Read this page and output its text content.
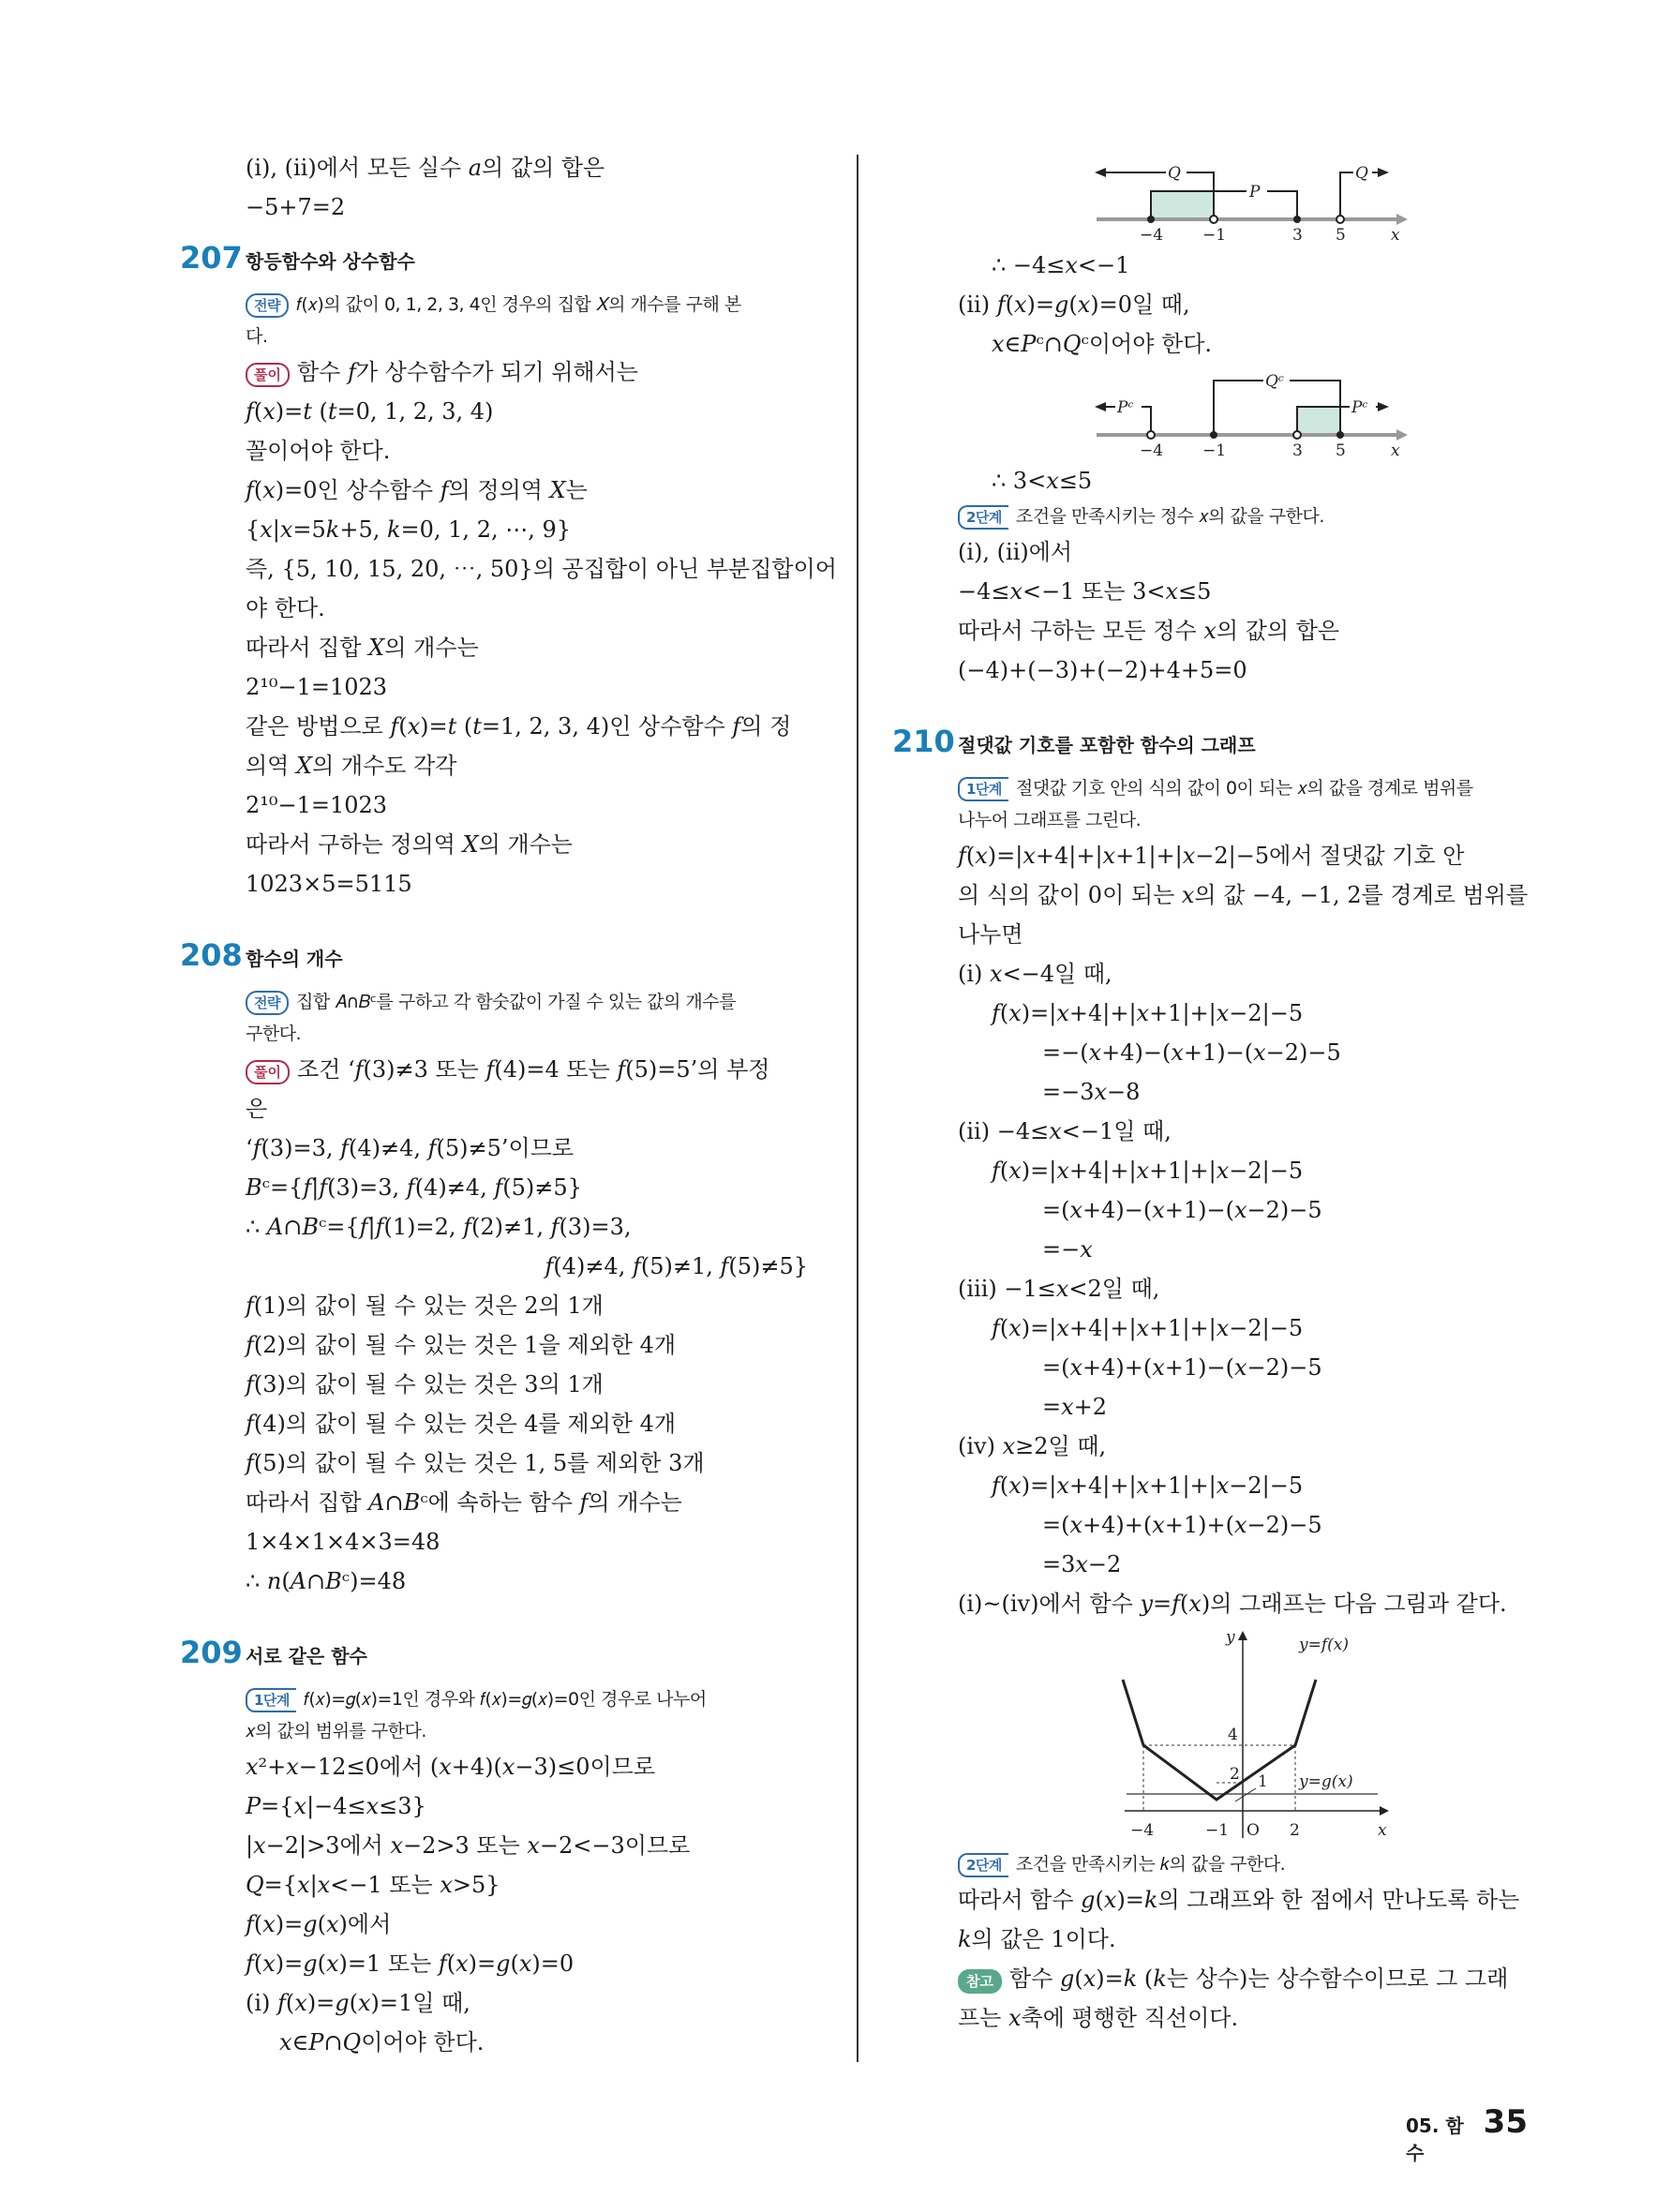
(ⅰ), (ⅱ)에서 모든 실수 𝑎의 값의 합은
−5+7=2
207 항등함수와 상수함수
전략 𝑓(𝑥)의 값이 0, 1, 2, 3, 4인 경우의 집합 𝑋의 개수를 구해 본
다.
풀이 함수 𝑓가 상수함수가 되기 위해서는
𝑓(𝑥)=𝑡 (𝑡=0, 1, 2, 3, 4)
꼴이어야 한다.
𝑓(𝑥)=0인 상수함수 𝑓의 정의역 𝑋는
{𝑥|𝑥=5𝑘+5, 𝑘=0, 1, 2, ⋯, 9}
즉, {5, 10, 15, 20, ⋯, 50}의 공집합이 아닌 부분집합이어
야 한다.
따라서 집합 𝑋의 개수는
2¹⁰−1=1023
같은 방법으로 𝑓(𝑥)=𝑡 (𝑡=1, 2, 3, 4)인 상수함수 𝑓의 정
의역 𝑋의 개수도 각각
2¹⁰−1=1023
따라서 구하는 정의역 𝑋의 개수는
1023×5=5115
208 함수의 개수
전략 집합 𝐴∩𝐵ᶜ를 구하고 각 함숫값이 가질 수 있는 값의 개수를
구한다.
풀이 조건 ‘𝑓(3)≠3 또는 𝑓(4)=4 또는 𝑓(5)=5’의 부정
은
‘𝑓(3)=3, 𝑓(4)≠4, 𝑓(5)≠5’이므로
𝐵ᶜ={𝑓|𝑓(3)=3, 𝑓(4)≠4, 𝑓(5)≠5}
∴ 𝐴∩𝐵ᶜ={𝑓|𝑓(1)=2, 𝑓(2)≠1, 𝑓(3)=3,
𝑓(4)≠4, 𝑓(5)≠1, 𝑓(5)≠5}
𝑓(1)의 값이 될 수 있는 것은 2의 1개
𝑓(2)의 값이 될 수 있는 것은 1을 제외한 4개
𝑓(3)의 값이 될 수 있는 것은 3의 1개
𝑓(4)의 값이 될 수 있는 것은 4를 제외한 4개
𝑓(5)의 값이 될 수 있는 것은 1, 5를 제외한 3개
따라서 집합 𝐴∩𝐵ᶜ에 속하는 함수 𝑓의 개수는
1×4×1×4×3=48
∴ 𝑛(𝐴∩𝐵ᶜ)=48
209 서로 같은 함수
1단계 𝑓(𝑥)=𝑔(𝑥)=1인 경우와 𝑓(𝑥)=𝑔(𝑥)=0인 경우로 나누어
𝑥의 값의 범위를 구한다.
𝑥²+𝑥−12≤0에서 (𝑥+4)(𝑥−3)≤0이므로
𝑃={𝑥|−4≤𝑥≤3}
|𝑥−2|>3에서 𝑥−2>3 또는 𝑥−2<−3이므로
𝑄={𝑥|𝑥<−1 또는 𝑥>5}
𝑓(𝑥)=𝑔(𝑥)에서
𝑓(𝑥)=𝑔(𝑥)=1 또는 𝑓(𝑥)=𝑔(𝑥)=0
(ⅰ) 𝑓(𝑥)=𝑔(𝑥)=1일 때,
𝑥∈𝑃∩𝑄이어야 한다.
Q
P
Q
−4 −1	3 5	x
∴ −4≤𝑥<−1
(ⅱ) 𝑓(𝑥)=𝑔(𝑥)=0일 때,
𝑥∈𝑃ᶜ∩𝑄ᶜ이어야 한다.
Pᶜ
Qᶜ
Pᶜ
−4 −1	3 5	x
∴ 3<𝑥≤5
2단계 조건을 만족시키는 정수 𝑥의 값을 구한다.
(ⅰ), (ⅱ)에서
−4≤𝑥<−1 또는 3<𝑥≤5
따라서 구하는 모든 정수 𝑥의 값의 합은
(−4)+(−3)+(−2)+4+5=0
210 절댓값 기호를 포함한 함수의 그래프
1단계 절댓값 기호 안의 식의 값이 0이 되는 𝑥의 값을 경계로 범위를
나누어 그래프를 그린다.
𝑓(𝑥)=|𝑥+4|+|𝑥+1|+|𝑥−2|−5에서 절댓값 기호 안
의 식의 값이 0이 되는 𝑥의 값 −4, −1, 2를 경계로 범위를
나누면
(ⅰ) 𝑥<−4일 때,
𝑓(𝑥)=|𝑥+4|+|𝑥+1|+|𝑥−2|−5
=−(𝑥+4)−(𝑥+1)−(𝑥−2)−5
=−3𝑥−8
(ⅱ) −4≤𝑥<−1일 때,
𝑓(𝑥)=|𝑥+4|+|𝑥+1|+|𝑥−2|−5
=(𝑥+4)−(𝑥+1)−(𝑥−2)−5
=−𝑥
(ⅲ) −1≤𝑥<2일 때,
𝑓(𝑥)=|𝑥+4|+|𝑥+1|+|𝑥−2|−5
=(𝑥+4)+(𝑥+1)−(𝑥−2)−5
=𝑥+2
(ⅳ) 𝑥≥2일 때,
𝑓(𝑥)=|𝑥+4|+|𝑥+1|+|𝑥−2|−5
=(𝑥+4)+(𝑥+1)+(𝑥−2)−5
=3𝑥−2
(ⅰ)~(ⅳ)에서 함수 𝑦=𝑓(𝑥)의 그래프는 다음 그림과 같다.
y
x
y=f(x)
y=g(x)
4
2 1
−4	−1 O 2
2단계 조건을 만족시키는 𝑘의 값을 구한다.
따라서 함수 𝑔(𝑥)=𝑘의 그래프와 한 점에서 만나도록 하는
𝑘의 값은 1이다.
참고 함수 𝑔(𝑥)=𝑘 (𝑘는 상수)는 상수함수이므로 그 그래
프는 𝑥축에 평행한 직선이다.
05. 함수
35
